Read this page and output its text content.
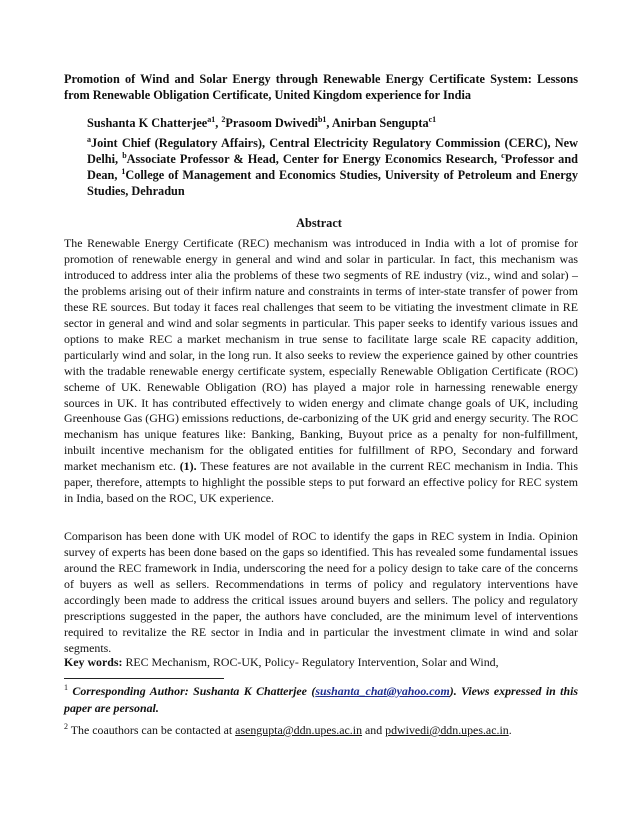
Promotion of Wind and Solar Energy through Renewable Energy Certificate System: Lessons from Renewable Obligation Certificate, United Kingdom experience for India
Sushanta K Chatterjee$^{a1}$, $^2$Prasoom Dwivedi$^{b1}$, Anirban Sengupta$^{c1}$
$^a$Joint Chief (Regulatory Affairs), Central Electricity Regulatory Commission (CERC), New Delhi, $^b$Associate Professor & Head, Center for Energy Economics Research, $^c$Professor and Dean, $^1$College of Management and Economics Studies, University of Petroleum and Energy Studies, Dehradun
Abstract
The Renewable Energy Certificate (REC) mechanism was introduced in India with a lot of promise for promotion of renewable energy in general and wind and solar in particular. In fact, this mechanism was introduced to address inter alia the problems of these two segments of RE industry (viz., wind and solar) – the problems arising out of their infirm nature and constraints in terms of inter-state transfer of power from these RE sources. But today it faces real challenges that seem to be vitiating the investment climate in RE sector in general and wind and solar segments in particular. This paper seeks to identify various issues and options to make REC a market mechanism in true sense to facilitate large scale RE capacity addition, particularly wind and solar, in the long run. It also seeks to review the experience gained by other countries with the tradable renewable energy certificate system, especially Renewable Obligation Certificate (ROC) scheme of UK. Renewable Obligation (RO) has played a major role in harnessing renewable energy sources in UK. It has contributed effectively to widen energy and climate change goals of UK, including Greenhouse Gas (GHG) emissions reductions, de-carbonizing of the UK grid and energy security. The ROC mechanism has unique features like: Banking, Banking, Buyout price as a penalty for non-fulfillment, inbuilt incentive mechanism for the obligated entities for fulfillment of RPO, Secondary and forward market mechanism etc. (1). These features are not available in the current REC mechanism in India. This paper, therefore, attempts to highlight the possible steps to put forward an effective policy for REC system in India, based on the ROC, UK experience.
Comparison has been done with UK model of ROC to identify the gaps in REC system in India. Opinion survey of experts has been done based on the gaps so identified. This has revealed some fundamental issues around the REC framework in India, underscoring the need for a policy design to take care of the concerns of buyers as well as sellers. Recommendations in terms of policy and regulatory interventions have accordingly been made to address the critical issues around buyers and sellers. The policy and regulatory prescriptions suggested in the paper, the authors have concluded, are the minimum level of interventions required to revitalize the RE sector in India and in particular the investment climate in wind and solar segments.
Key words: REC Mechanism, ROC-UK, Policy- Regulatory Intervention, Solar and Wind,
$^1$ Corresponding Author: Sushanta K Chatterjee (sushanta_chat@yahoo.com). Views expressed in this paper are personal.
$^2$ The coauthors can be contacted at asengupta@ddn.upes.ac.in and pdwivedi@ddn.upes.ac.in.
